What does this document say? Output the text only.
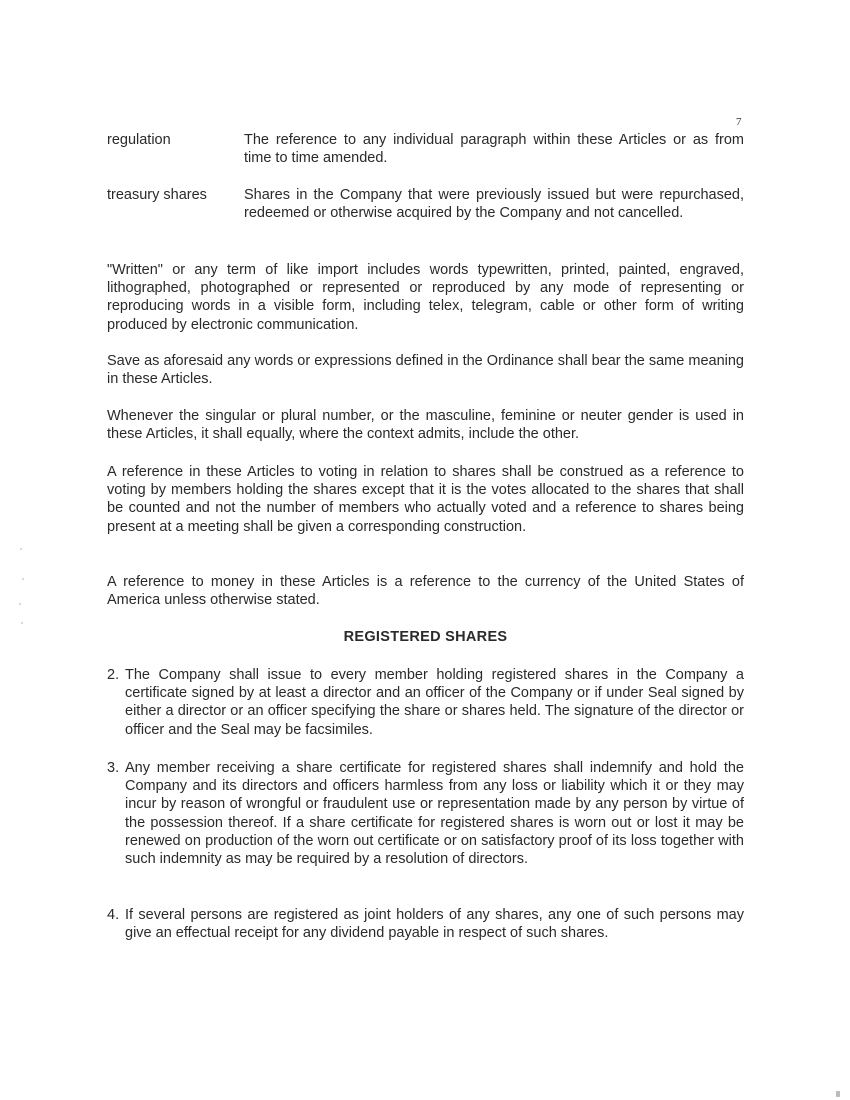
7
regulation	The reference to any individual paragraph within these Articles or as from time to time amended.
treasury shares	Shares in the Company that were previously issued but were repurchased, redeemed or otherwise acquired by the Company and not cancelled.

"Written" or any term of like import includes words typewritten, printed, painted, engraved, lithographed, photographed or represented or reproduced by any mode of representing or reproducing words in a visible form, including telex, telegram, cable or other form of writing produced by electronic communication.

Save as aforesaid any words or expressions defined in the Ordinance shall bear the same meaning in these Articles.

Whenever the singular or plural number, or the masculine, feminine or neuter gender is used in these Articles, it shall equally, where the context admits, include the other.

A reference in these Articles to voting in relation to shares shall be construed as a reference to voting by members holding the shares except that it is the votes allocated to the shares that shall be counted and not the number of members who actually voted and a reference to shares being present at a meeting shall be given a corresponding construction.

A reference to money in these Articles is a reference to the currency of the United States of America unless otherwise stated.

REGISTERED SHARES
2. The Company shall issue to every member holding registered shares in the Company a certificate signed by at least a director and an officer of the Company or if under Seal signed by either a director or an officer specifying the share or shares held. The signature of the director or officer and the Seal may be facsimiles.
3. Any member receiving a share certificate for registered shares shall indemnify and hold the Company and its directors and officers harmless from any loss or liability which it or they may incur by reason of wrongful or fraudulent use or representation made by any person by virtue of the possession thereof. If a share certificate for registered shares is worn out or lost it may be renewed on production of the worn out certificate or on satisfactory proof of its loss together with such indemnity as may be required by a resolution of directors.
4. If several persons are registered as joint holders of any shares, any one of such persons may give an effectual receipt for any dividend payable in respect of such shares.
